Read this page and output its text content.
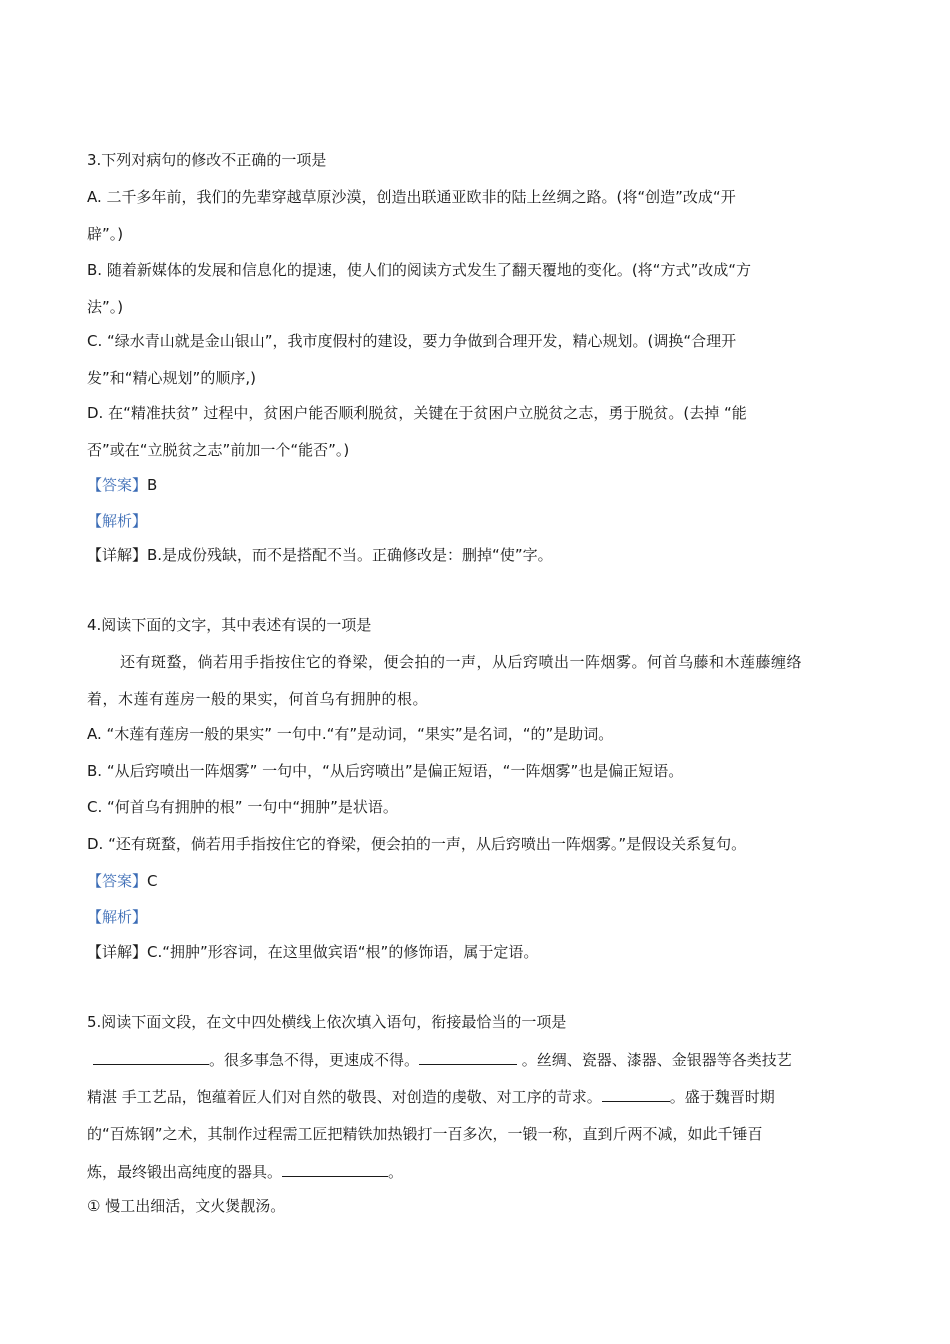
3.下列对病句的修改不正确的一项是
A. 二千多年前，我们的先辈穿越草原沙漠，创造出联通亚欧非的陆上丝绸之路。(将“创造”改成“开
辟”。)
B. 随着新媒体的发展和信息化的提速，使人们的阅读方式发生了翻天覆地的变化。(将“方式”改成“方
法”。)
C. “绿水青山就是金山银山”，我市度假村的建设，要力争做到合理开发，精心规划。(调换“合理开
发”和“精心规划”的顺序,)
D. 在“精准扶贫” 过程中，贫困户能否顺利脱贫，关键在于贫困户立脱贫之志，勇于脱贫。(去掉 “能
否”或在“立脱贫之志”前加一个“能否”。)
【答案】B
【解析】
【详解】B.是成份残缺，而不是搭配不当。正确修改是：删掉“使”字。
4.阅读下面的文字，其中表述有误的一项是
还有斑蝥，倘若用手指按住它的脊梁，便会拍的一声，从后窍喷出一阵烟雾。何首乌藤和木莲藤缠络
着，木莲有莲房一般的果实，何首乌有拥肿的根。
A. “木莲有莲房一般的果实” 一句中.“有”是动词，“果实”是名词，“的”是助词。
B. “从后窍喷出一阵烟雾” 一句中，“从后窍喷出”是偏正短语，“一阵烟雾”也是偏正短语。
C. “何首乌有拥肿的根” 一句中“拥肿”是状语。
D. “还有斑蝥，倘若用手指按住它的脊梁，便会拍的一声，从后窍喷出一阵烟雾。”是假设关系复句。
【答案】C
【解析】
【详解】C.“拥肿”形容词，在这里做宾语“根”的修饰语，属于定语。
5.阅读下面文段，在文中四处横线上依次填入语句，衔接最恰当的一项是
。很多事急不得，更速成不得。	。丝绸、瓷器、漆器、金银器等各类技艺
精湛 手工艺品，饱蕴着匠人们对自然的敬畏、对创造的虔敬、对工序的苛求。	。盛于魏晋时期
的“百炼钢”之术，其制作过程需工匠把精铁加热锻打一百多次，一锻一称，直到斤两不减，如此千锤百
炼，最终锻出高纯度的器具。	。
① 慢工出细活，文火煲靓汤。
